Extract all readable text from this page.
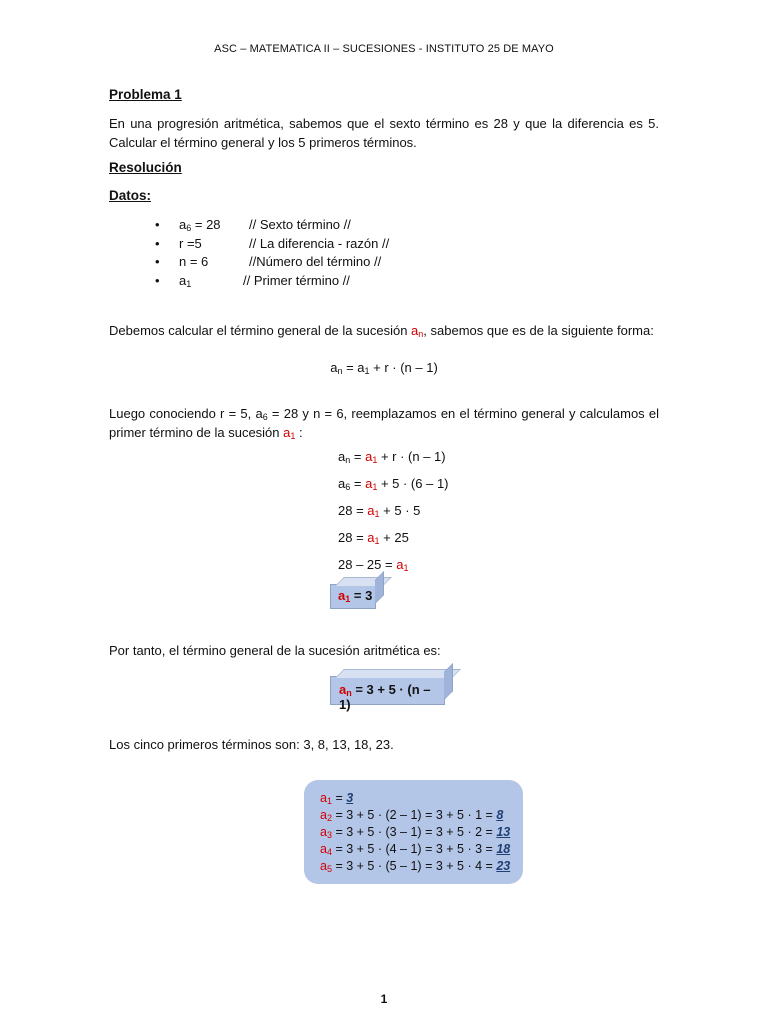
ASC – MATEMATICA II – SUCESIONES - INSTITUTO 25 DE MAYO
Problema 1
En una progresión aritmética, sabemos que el sexto término es 28 y que la diferencia es 5. Calcular el término general y los 5 primeros términos.
Resolución
Datos:
• a6 = 28	// Sexto término //
• r =5	// La diferencia - razón //
• n = 6	//Número del término //
• a1	// Primer término //
Debemos calcular el término general de la sucesión an, sabemos que es de la siguiente forma:
an = a1 + r · (n – 1)
Luego conociendo r = 5, a6 = 28 y n = 6, reemplazamos en el término general y calculamos el primer término de la sucesión a1 :
an = a1 + r · (n – 1)
a6 = a1 + 5 · (6 – 1)
28 = a1 + 5 · 5
28 = a1 + 25
28 – 25 = a1
a1 = 3
Por tanto, el término general de la sucesión aritmética es:
an = 3 + 5 · (n – 1)
Los cinco primeros términos son: 3, 8, 13, 18, 23.
a1 = 3
a2 = 3 + 5 · (2 – 1) = 3 + 5 · 1 = 8
a3 = 3 + 5 · (3 – 1) = 3 + 5 · 2 = 13
a4 = 3 + 5 · (4 – 1) = 3 + 5 · 3 = 18
a5 = 3 + 5 · (5 – 1) = 3 + 5 · 4 = 23
1
